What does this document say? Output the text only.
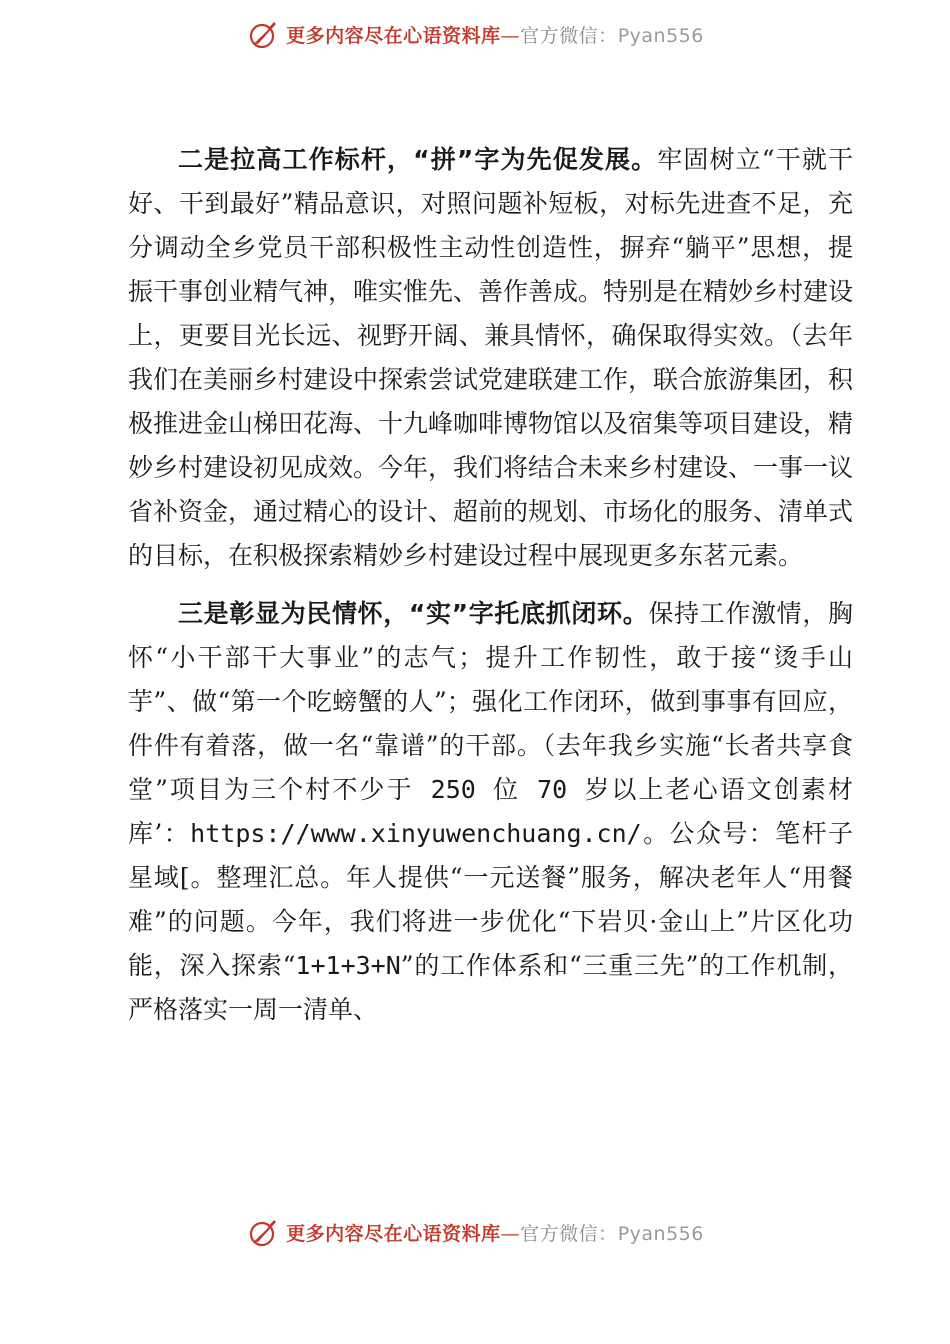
更多内容尽在心语资料库—官方微信：Pyan556

二是拉高工作标杆，“拼”字为先促发展。牢固树立“干就干好、干到最好”精品意识，对照问题补短板，对标先进查不足，充分调动全乡党员干部积极性主动性创造性，摒弃“躺平”思想，提振干事创业精气神，唯实惟先、善作善成。特别是在精妙乡村建设上，更要目光长远、视野开阔、兼具情怀，确保取得实效。（去年我们在美丽乡村建设中探索尝试党建联建工作，联合旅游集团，积极推进金山梯田花海、十九峰咖啡博物馆以及宿集等项目建设，精妙乡村建设初见成效。今年，我们将结合未来乡村建设、一事一议省补资金，通过精心的设计、超前的规划、市场化的服务、清单式的目标，在积极探索精妙乡村建设过程中展现更多东茗元素。

三是彰显为民情怀，“实”字托底抓闭环。保持工作激情，胸怀“小干部干大事业”的志气；提升工作韧性，敢于接“烫手山芋”、做“第一个吃螃蟹的人”；强化工作闭环，做到事事有回应，件件有着落，做一名“靠谱”的干部。（去年我乡实施“长者共享食堂”项目为三个村不少于 250 位 70 岁以上老心语文创素材库’：https://www.xinyuwenchuang.cn/。公众号：笔杆子星域[。整理汇总。年人提供“一元送餐”服务，解决老年人“用餐难”的问题。今年，我们将进一步优化“下岩贝·金山上”片区化功能，深入探索“1+1+3+N”的工作体系和“三重三先”的工作机制，严格落实一周一清单、

更多内容尽在心语资料库—官方微信：Pyan556
